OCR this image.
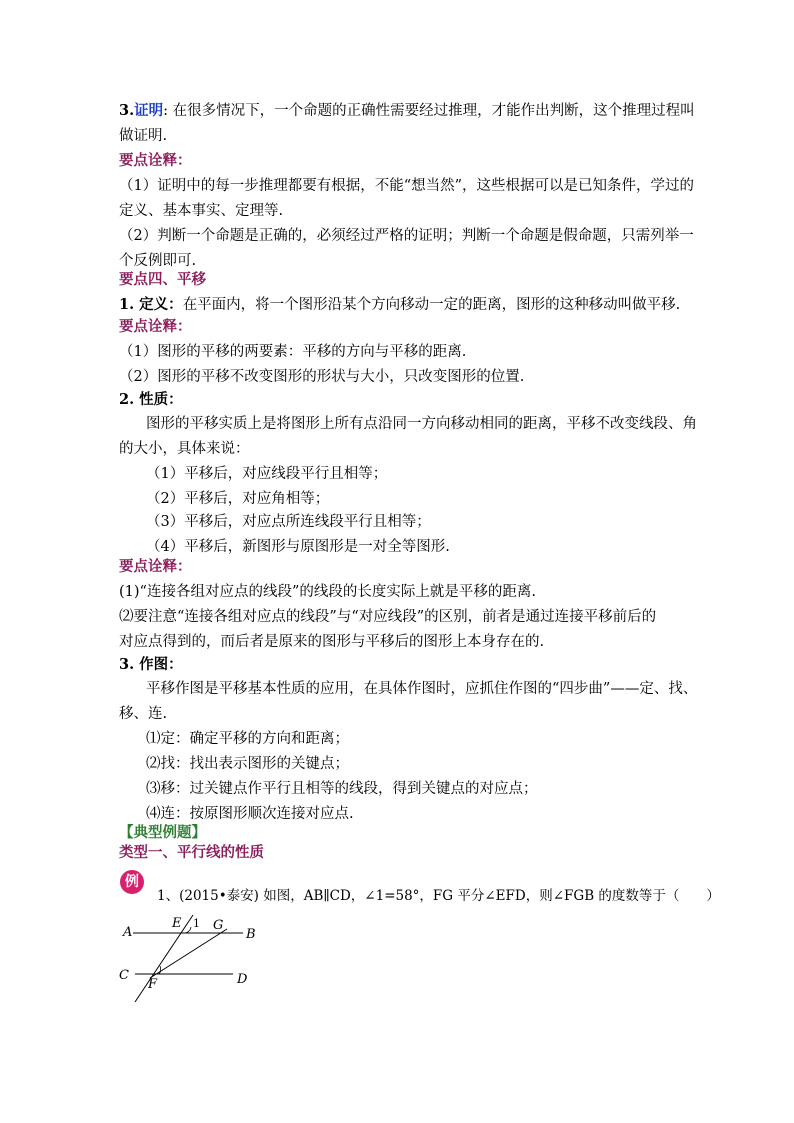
3.证明: 在很多情况下，一个命题的正确性需要经过推理，才能作出判断，这个推理过程叫
做证明.
要点诠释：
（1）证明中的每一步推理都要有根据，不能“想当然”，这些根据可以是已知条件，学过的
定义、基本事实、定理等.
（2）判断一个命题是正确的，必须经过严格的证明；判断一个命题是假命题，只需列举一
个反例即可.
要点四、平移
1. 定义：在平面内，将一个图形沿某个方向移动一定的距离，图形的这种移动叫做平移.
要点诠释：
（1）图形的平移的两要素：平移的方向与平移的距离.
（2）图形的平移不改变图形的形状与大小，只改变图形的位置.
2. 性质：
图形的平移实质上是将图形上所有点沿同一方向移动相同的距离，平移不改变线段、角
的大小，具体来说：
（1）平移后，对应线段平行且相等；
（2）平移后，对应角相等；
（3）平移后，对应点所连线段平行且相等；
（4）平移后，新图形与原图形是一对全等图形.
要点诠释：
(1)“连接各组对应点的线段”的线段的长度实际上就是平移的距离.
⑵要注意“连接各组对应点的线段”与“对应线段”的区别，前者是通过连接平移前后的
对应点得到的，而后者是原来的图形与平移后的图形上本身存在的.
3. 作图：
平移作图是平移基本性质的应用，在具体作图时，应抓住作图的“四步曲”——定、找、
移、连.
⑴定：确定平移的方向和距离；
⑵找：找出表示图形的关键点；
⑶移：过关键点作平行且相等的线段，得到关键点的对应点；
⑷连：按原图形顺次连接对应点.
【典型例题】
类型一、平行线的性质
例
1、(2015•泰安) 如图，AB∥CD，∠1=58°，FG 平分∠EFD，则∠FGB 的度数等于（　　）
A	B
C	D
E
F
G
1
